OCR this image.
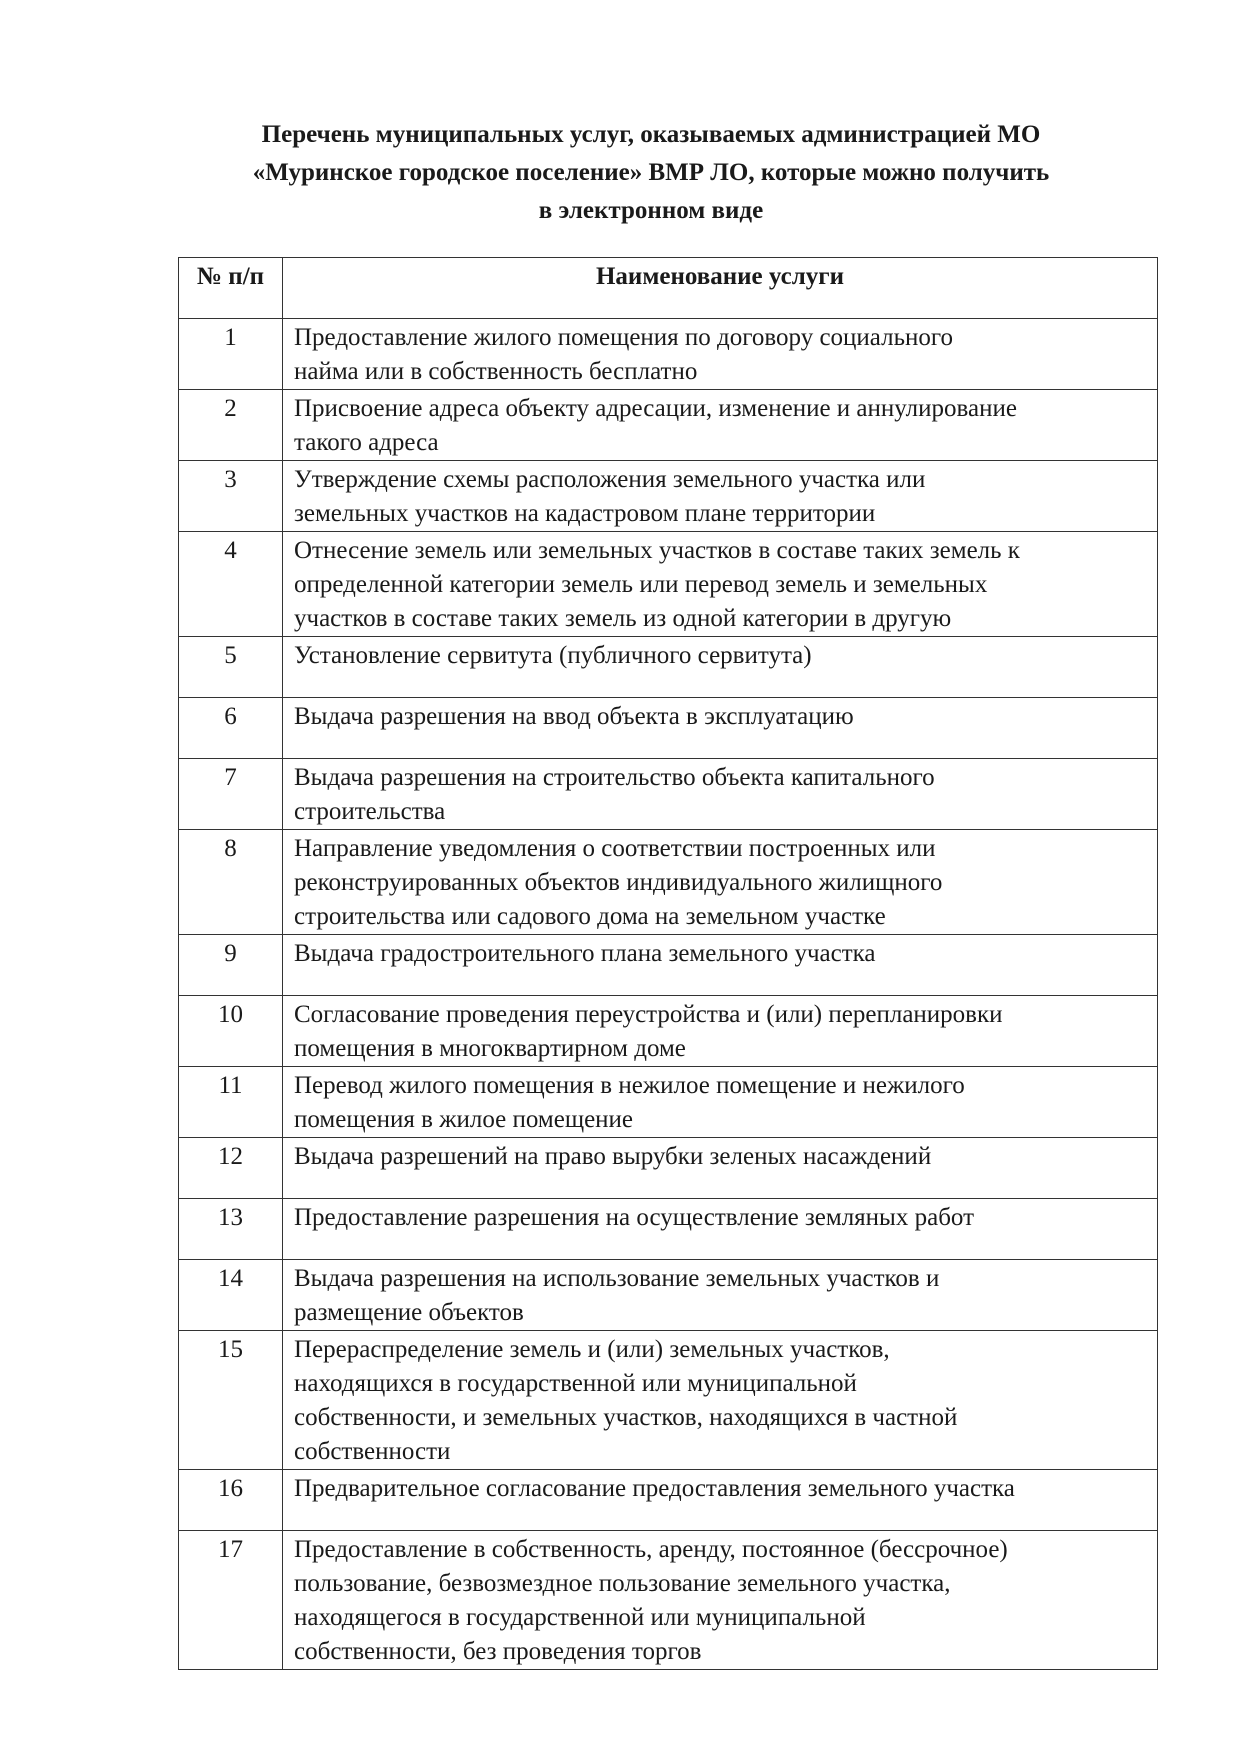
Перечень муниципальных услуг, оказываемых администрацией МО
«Муринское городское поселение» ВМР ЛО, которые можно получить
в электронном виде
№ п/п	Наименование услуги
1	Предоставление жилого помещения по договору социального
найма или в собственность бесплатно

2	Присвоение адреса объекту адресации, изменение и аннулирование
такого адреса

3	Утверждение схемы расположения земельного участка или
земельных участков на кадастровом плане территории

4	Отнесение земель или земельных участков в составе таких земель к
определенной категории земель или перевод земель и земельных
участков в составе таких земель из одной категории в другую

5	Установление сервитута (публичного сервитута)

6	Выдача разрешения на ввод объекта в эксплуатацию

7	Выдача разрешения на строительство объекта капитального
строительства

8	Направление уведомления о соответствии построенных или
реконструированных объектов индивидуального жилищного
строительства или садового дома на земельном участке

9	Выдача градостроительного плана земельного участка

10	Согласование проведения переустройства и (или) перепланировки
помещения в многоквартирном доме

11	Перевод жилого помещения в нежилое помещение и нежилого
помещения в жилое помещение

12	Выдача разрешений на право вырубки зеленых насаждений

13	Предоставление разрешения на осуществление земляных работ

14	Выдача разрешения на использование земельных участков и
размещение объектов

15	Перераспределение земель и (или) земельных участков,
находящихся в государственной или муниципальной
собственности, и земельных участков, находящихся в частной
собственности

16	Предварительное согласование предоставления земельного участка

17	Предоставление в собственность, аренду, постоянное (бессрочное)
пользование, безвозмездное пользование земельного участка,
находящегося в государственной или муниципальной
собственности, без проведения торгов
